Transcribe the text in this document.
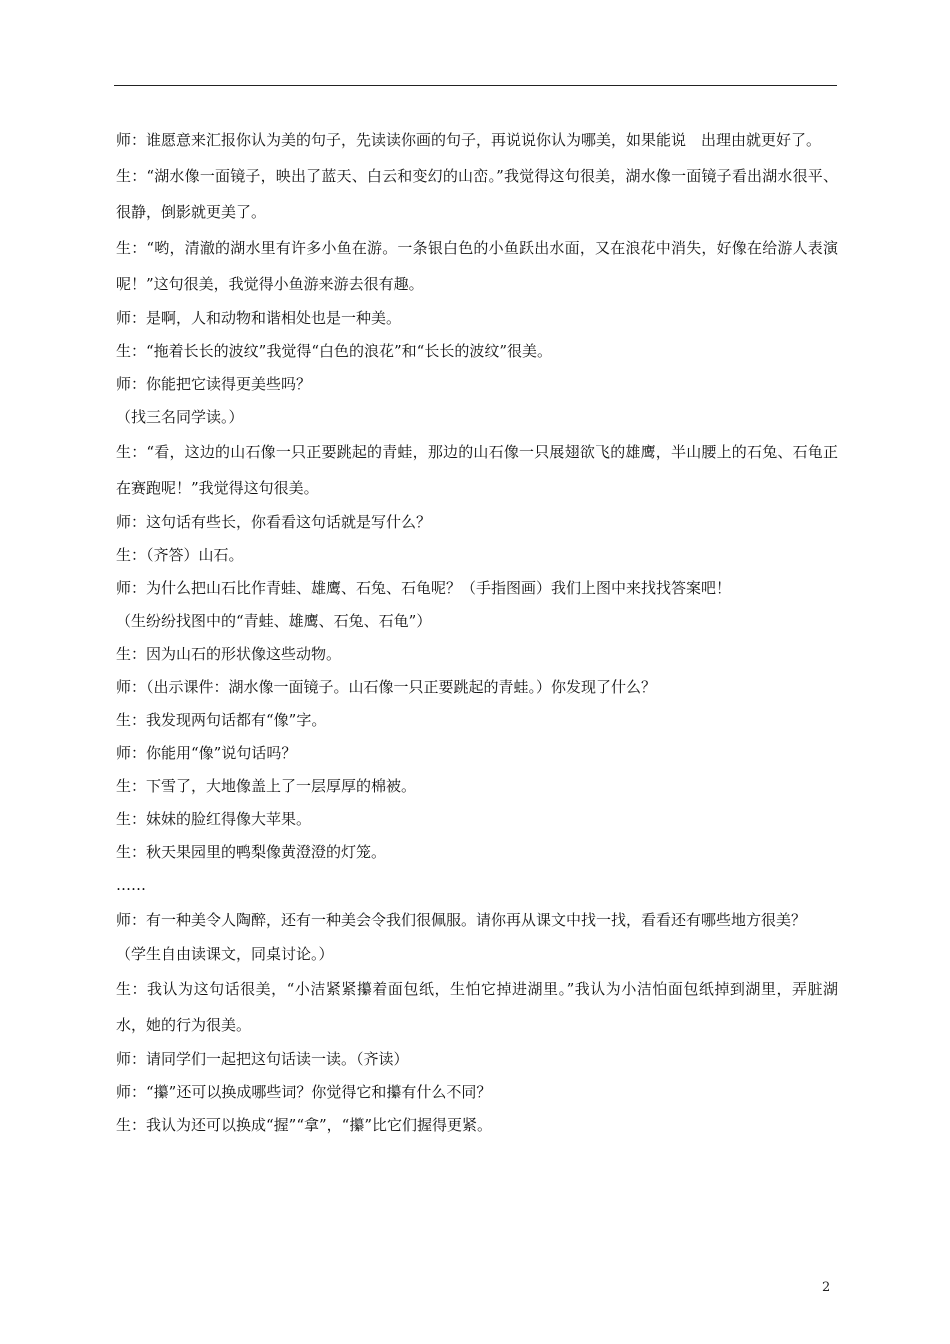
师：谁愿意来汇报你认为美的句子，先读读你画的句子，再说说你认为哪美，如果能说　出理由就更好了。

生：“湖水像一面镜子，映出了蓝天、白云和变幻的山峦。”我觉得这句很美，湖水像一面镜子看出湖水很平、很静，倒影就更美了。

生：“哟，清澈的湖水里有许多小鱼在游。一条银白色的小鱼跃出水面，又在浪花中消失，好像在给游人表演呢！”这句很美，我觉得小鱼游来游去很有趣。

师：是啊，人和动物和谐相处也是一种美。

生：“拖着长长的波纹”我觉得“白色的浪花”和“长长的波纹”很美。

师：你能把它读得更美些吗？

（找三名同学读。）

生：“看，这边的山石像一只正要跳起的青蛙，那边的山石像一只展翅欲飞的雄鹰，半山腰上的石兔、石龟正在赛跑呢！”我觉得这句很美。

师：这句话有些长，你看看这句话就是写什么？

生：（齐答）山石。

师：为什么把山石比作青蛙、雄鹰、石兔、石龟呢？（手指图画）我们上图中来找找答案吧！

（生纷纷找图中的“青蛙、雄鹰、石兔、石龟”）

生：因为山石的形状像这些动物。

师：（出示课件：湖水像一面镜子。山石像一只正要跳起的青蛙。）你发现了什么？

生：我发现两句话都有“像”字。

师：你能用“像”说句话吗？

生：下雪了，大地像盖上了一层厚厚的棉被。

生：妹妹的脸红得像大苹果。

生：秋天果园里的鸭梨像黄澄澄的灯笼。

……

师：有一种美令人陶醉，还有一种美会令我们很佩服。请你再从课文中找一找，看看还有哪些地方很美？

（学生自由读课文，同桌讨论。）

生：我认为这句话很美，“小洁紧紧攥着面包纸，生怕它掉进湖里。”我认为小洁怕面包纸掉到湖里，弄脏湖水，她的行为很美。

师：请同学们一起把这句话读一读。（齐读）

师：“攥”还可以换成哪些词？你觉得它和攥有什么不同？

生：我认为还可以换成“握”“拿”，“攥”比它们握得更紧。

2
